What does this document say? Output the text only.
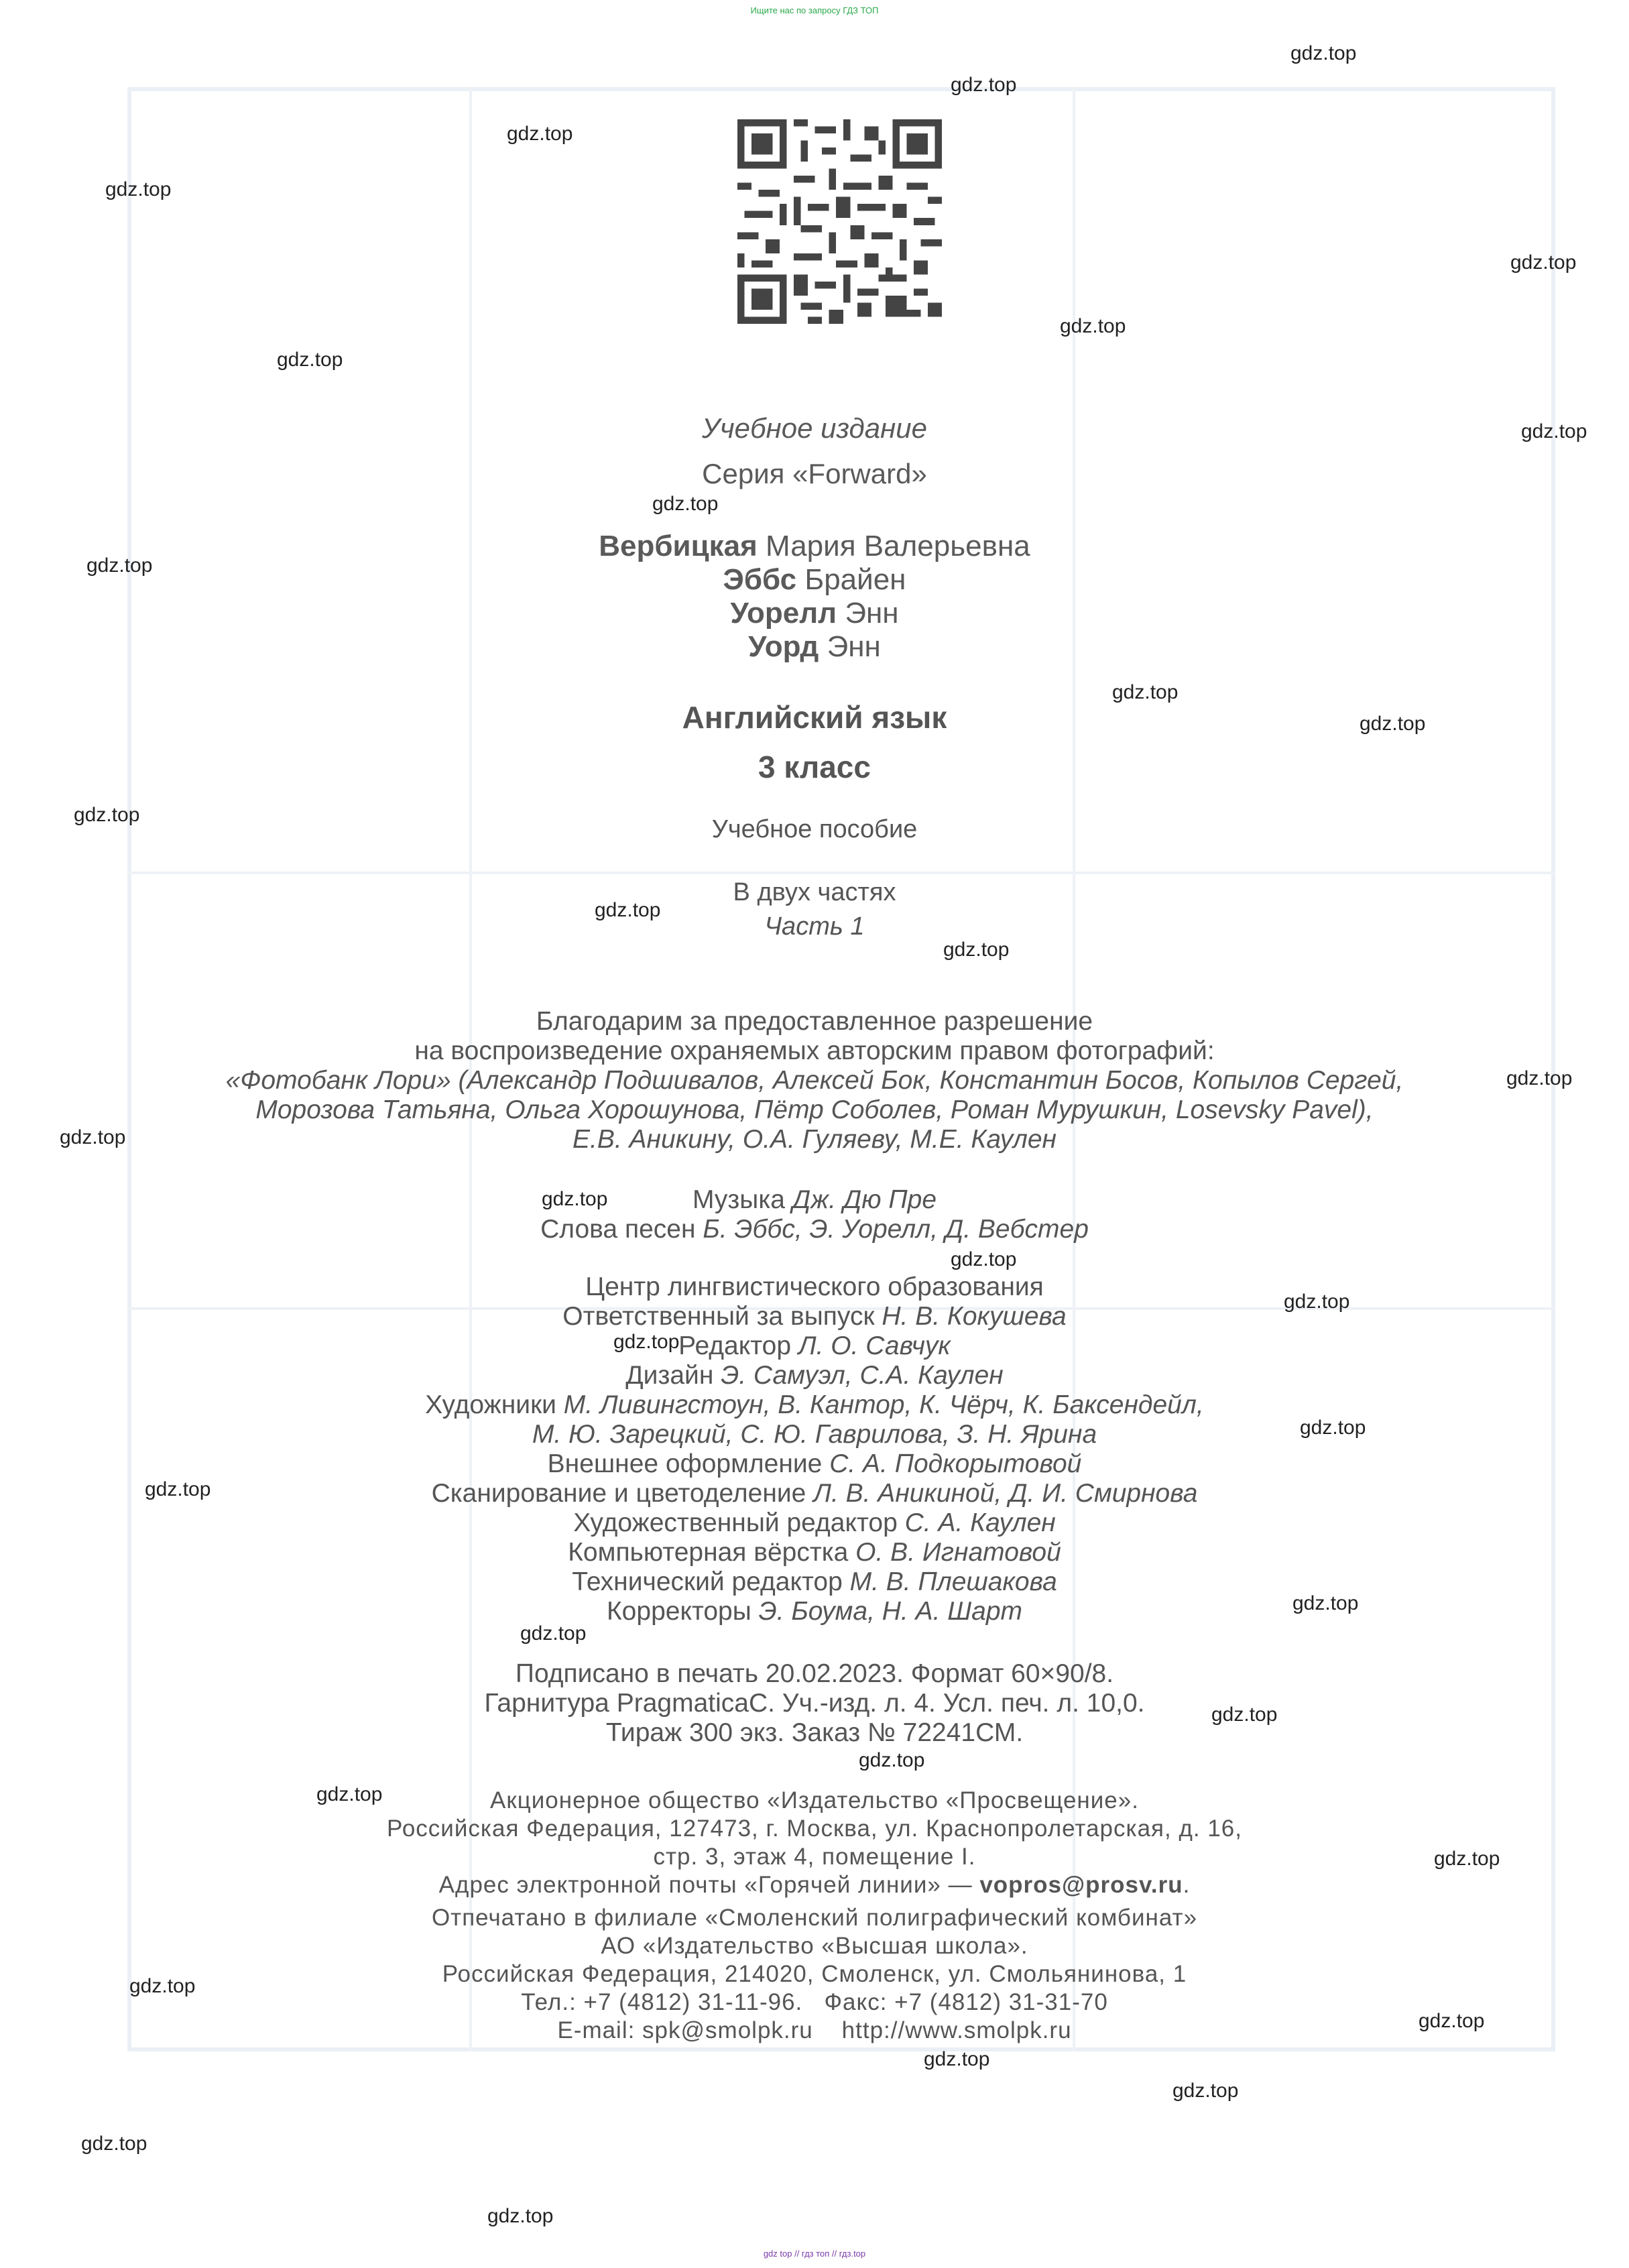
Ищите нас по запросу ГДЗ ТОП
Учебное издание
Серия «Forward»
Вербицкая Мария Валерьевна
Эббс Брайен
Уорелл Энн
Уорд Энн
Английский язык
3 класс
Учебное пособие
В двух частях
Часть 1
Благодарим за предоставленное разрешение
на воспроизведение охраняемых авторским правом фотографий:
«Фотобанк Лори» (Александр Подшивалов, Алексей Бок, Константин Босов, Копылов Сергей,
Морозова Татьяна, Ольга Хорошунова, Пётр Соболев, Роман Мурушкин, Losevsky Pavel),
Е.В. Аникину, О.А. Гуляеву, М.Е. Каулен
Музыка Дж. Дю Пре
Слова песен Б. Эббс, Э. Уорелл, Д. Вебстер
Центр лингвистического образования
Ответственный за выпуск Н. В. Кокушева
Редактор Л. О. Савчук
Дизайн Э. Самуэл, С.А. Каулен
Художники М. Ливингстоун, В. Кантор, К. Чёрч, К. Баксендейл,
М. Ю. Зарецкий, С. Ю. Гаврилова, З. Н. Ярина
Внешнее оформление С. А. Подкорытовой
Сканирование и цветоделение Л. В. Аникиной, Д. И. Смирнова
Художественный редактор С. А. Каулен
Компьютерная вёрстка О. В. Игнатовой
Технический редактор М. В. Плешакова
Корректоры Э. Боума, Н. А. Шарт
Подписано в печать 20.02.2023. Формат 60×90/8.
Гарнитура PragmaticaC. Уч.-изд. л. 4. Усл. печ. л. 10,0.
Тираж 300 экз. Заказ № 72241СМ.
Акционерное общество «Издательство «Просвещение».
Российская Федерация, 127473, г. Москва, ул. Краснопролетарская, д. 16,
стр. 3, этаж 4, помещение I.
Адрес электронной почты «Горячей линии» — vopros@prosv.ru.
Отпечатано в филиале «Смоленский полиграфический комбинат»
АО «Издательство «Высшая школа».
Российская Федерация, 214020, Смоленск, ул. Смольянинова, 1
Тел.: +7 (4812) 31-11-96.   Факс: +7 (4812) 31-31-70
E-mail: spk@smolpk.ru    http://www.smolpk.ru
gdz.top
gdz.top
gdz.top
gdz.top
gdz.top
gdz.top
gdz.top
gdz.top
gdz.top
gdz.top
gdz.top
gdz.top
gdz.top
gdz.top
gdz.top
gdz.top
gdz.top
gdz.top
gdz.top
gdz.top
gdz.top
gdz.top
gdz.top
gdz.top
gdz.top
gdz.top
gdz.top
gdz.top
gdz.top
gdz.top
gdz.top
gdz.top
gdz.top
gdz.top
gdz.top
gdz top // гдз топ // гдз.top
